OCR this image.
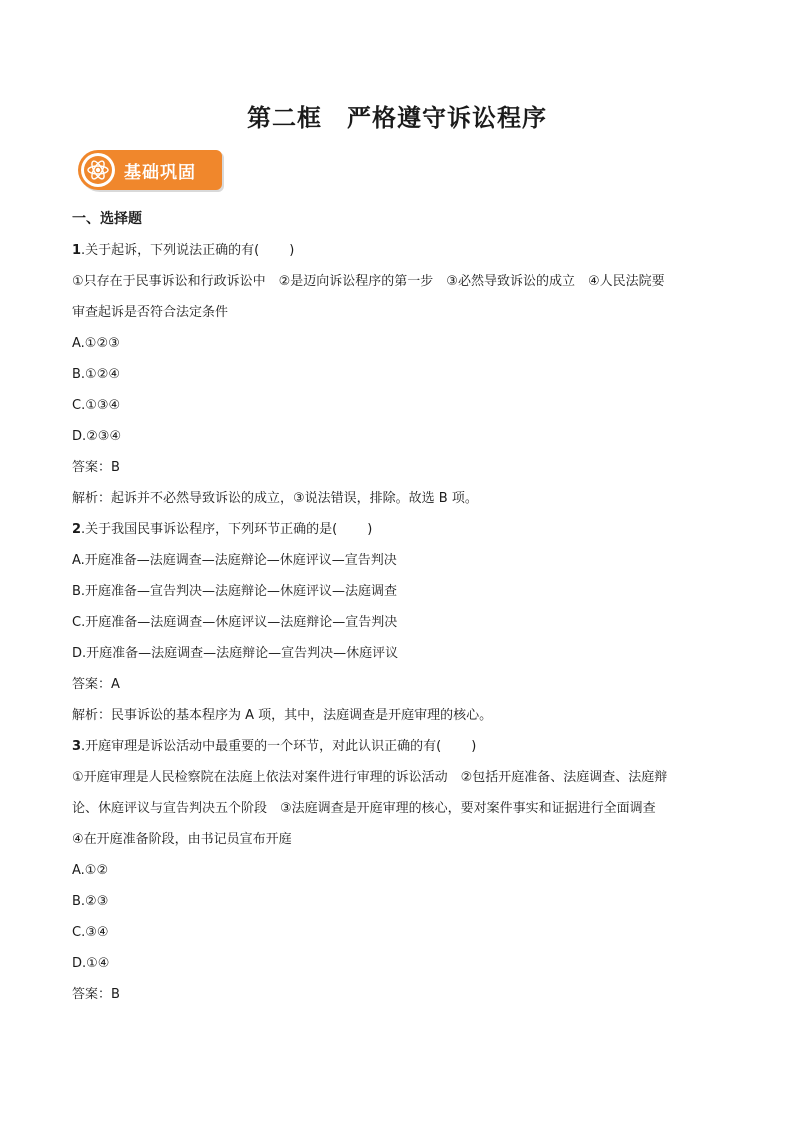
第二框　严格遵守诉讼程序
基础巩固
一、选择题
1.关于起诉，下列说法正确的有( )
①只存在于民事诉讼和行政诉讼中　②是迈向诉讼程序的第一步　③必然导致诉讼的成立　④人民法院要
审查起诉是否符合法定条件
A.①②③
B.①②④
C.①③④
D.②③④
答案：B
解析：起诉并不必然导致诉讼的成立，③说法错误，排除。故选 B 项。
2.关于我国民事诉讼程序，下列环节正确的是( )
A.开庭准备—法庭调查—法庭辩论—休庭评议—宣告判决
B.开庭准备—宣告判决—法庭辩论—休庭评议—法庭调查
C.开庭准备—法庭调查—休庭评议—法庭辩论—宣告判决
D.开庭准备—法庭调查—法庭辩论—宣告判决—休庭评议
答案：A
解析：民事诉讼的基本程序为 A 项，其中，法庭调查是开庭审理的核心。
3.开庭审理是诉讼活动中最重要的一个环节，对此认识正确的有( )
①开庭审理是人民检察院在法庭上依法对案件进行审理的诉讼活动　②包括开庭准备、法庭调查、法庭辩
论、休庭评议与宣告判决五个阶段　③法庭调查是开庭审理的核心，要对案件事实和证据进行全面调查
④在开庭准备阶段，由书记员宣布开庭
A.①②
B.②③
C.③④
D.①④
答案：B
